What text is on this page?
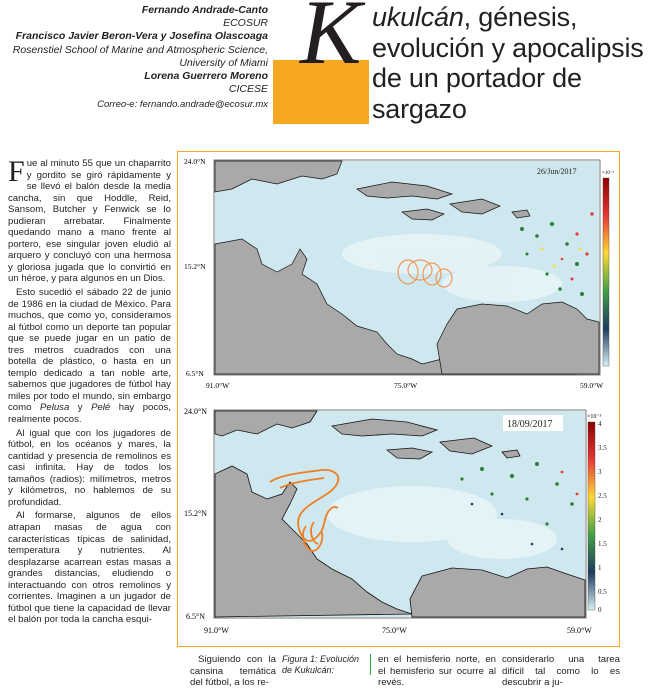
Fernando Andrade-Canto
ECOSUR
Francisco Javier Beron-Vera y Josefina Olascoaga
Rosenstiel School of Marine and Atmospheric Science, University of Miami
Lorena Guerrero Moreno
CICESE
Correo-e: fernando.andrade@ecosur.mx
K ukulcán, génesis, evolución y apocalipsis de un portador de sargazo

Fue al minuto 55 que un chaparrito y gordito se giró rápidamente y se llevó el balón desde la media cancha, sin que Hoddle, Reid, Sansom, Butcher y Fenwick se lo pudieran arrebatar. Finalmente quedando mano a mano frente al portero, ese singular joven eludió al arquero y concluyó con una hermosa y gloriosa jugada que lo convirtió en un héroe, y para algunos en un Dios.

Esto sucedió el sábado 22 de junio de 1986 en la ciudad de México. Para muchos, que como yo, consideramos al fútbol como un deporte tan popular que se puede jugar en un patio de tres metros cuadrados con una botella de plástico, o hasta en un templo dedicado a tan noble arte, sabemos que jugadores de fútbol hay miles por todo el mundo, sin embargo como Pelusa y Pelé hay pocos, realmente pocos.

Al igual que con los jugadores de fútbol, en los océanos y mares, la cantidad y presencia de remolinos es casi infinita. Hay de todos los tamaños (radios): milímetros, metros y kilómetros, no hablemos de su profundidad.

Al formarse, algunos de ellos atrapan masas de agua con características típicas de salinidad, temperatura y nutrientes. Al desplazarse acarrean estas masas a grandes distancias, eludiendo o interactuando con otros remolinos y corrientes. Imaginen a un jugador de fútbol que tiene la capacidad de llevar el balón por toda la cancha esqui-

26/Jun/2017
24.0°N
15.2°N
6.5°N
91.0°W	75.0°W	59.0°W
×10⁻³
18/09/2017
24.0°N
15.2°N
6.5°N
91.0°W	75.0°W	59.0°W
×10⁻³
4
3.5
3
2.5
2
1.5
1
0.5
0
Siguiendo con la cansina temática del fútbol, a los re-
Figura 1: Evolución de Kukulcán:
en el hemisferio norte, en el hemisferio sur ocurre al revés.
considerarlo una tarea difícil tal como lo es descubrir a ju-
